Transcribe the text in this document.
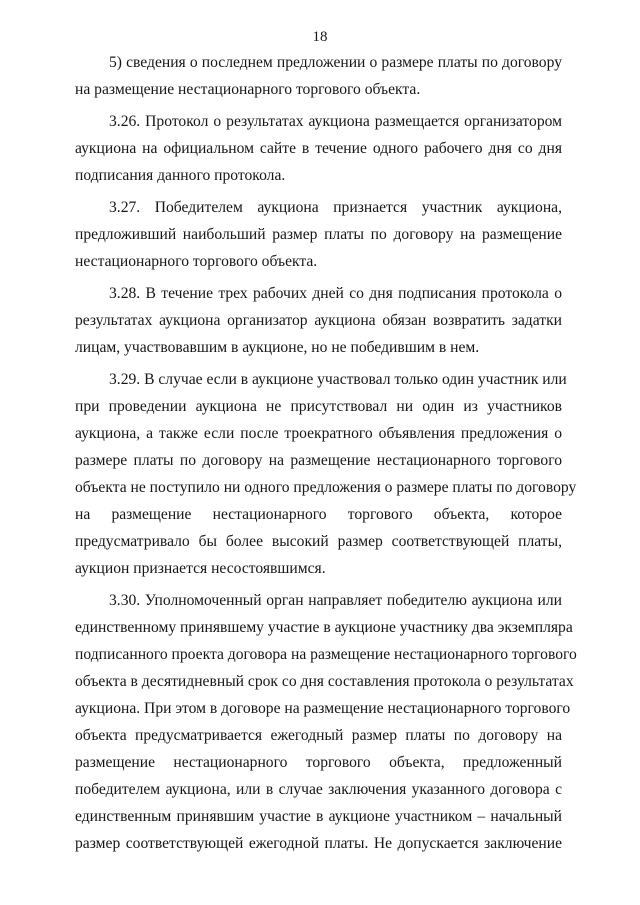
18
5) сведения о последнем предложении о размере платы по договору
на размещение нестационарного торгового объекта.
3.26. Протокол о результатах аукциона размещается организатором
аукциона на официальном сайте в течение одного рабочего дня со дня
подписания данного протокола.
3.27. Победителем аукциона признается участник аукциона,
предложивший наибольший размер платы по договору на размещение
нестационарного торгового объекта.
3.28. В течение трех рабочих дней со дня подписания протокола о
результатах аукциона организатор аукциона обязан возвратить задатки
лицам, участвовавшим в аукционе, но не победившим в нем.
3.29. В случае если в аукционе участвовал только один участник или
при проведении аукциона не присутствовал ни один из участников
аукциона, а также если после троекратного объявления предложения о
размере платы по договору на размещение нестационарного торгового
объекта не поступило ни одного предложения о размере платы по договору
на размещение нестационарного торгового объекта, которое
предусматривало бы более высокий размер соответствующей платы,
аукцион признается несостоявшимся.
3.30. Уполномоченный орган направляет победителю аукциона или
единственному принявшему участие в аукционе участнику два экземпляра
подписанного проекта договора на размещение нестационарного торгового
объекта в десятидневный срок со дня составления протокола о результатах
аукциона. При этом в договоре на размещение нестационарного торгового
объекта предусматривается ежегодный размер платы по договору на
размещение нестационарного торгового объекта, предложенный
победителем аукциона, или в случае заключения указанного договора с
единственным принявшим участие в аукционе участником – начальный
размер соответствующей ежегодной платы. Не допускается заключение
